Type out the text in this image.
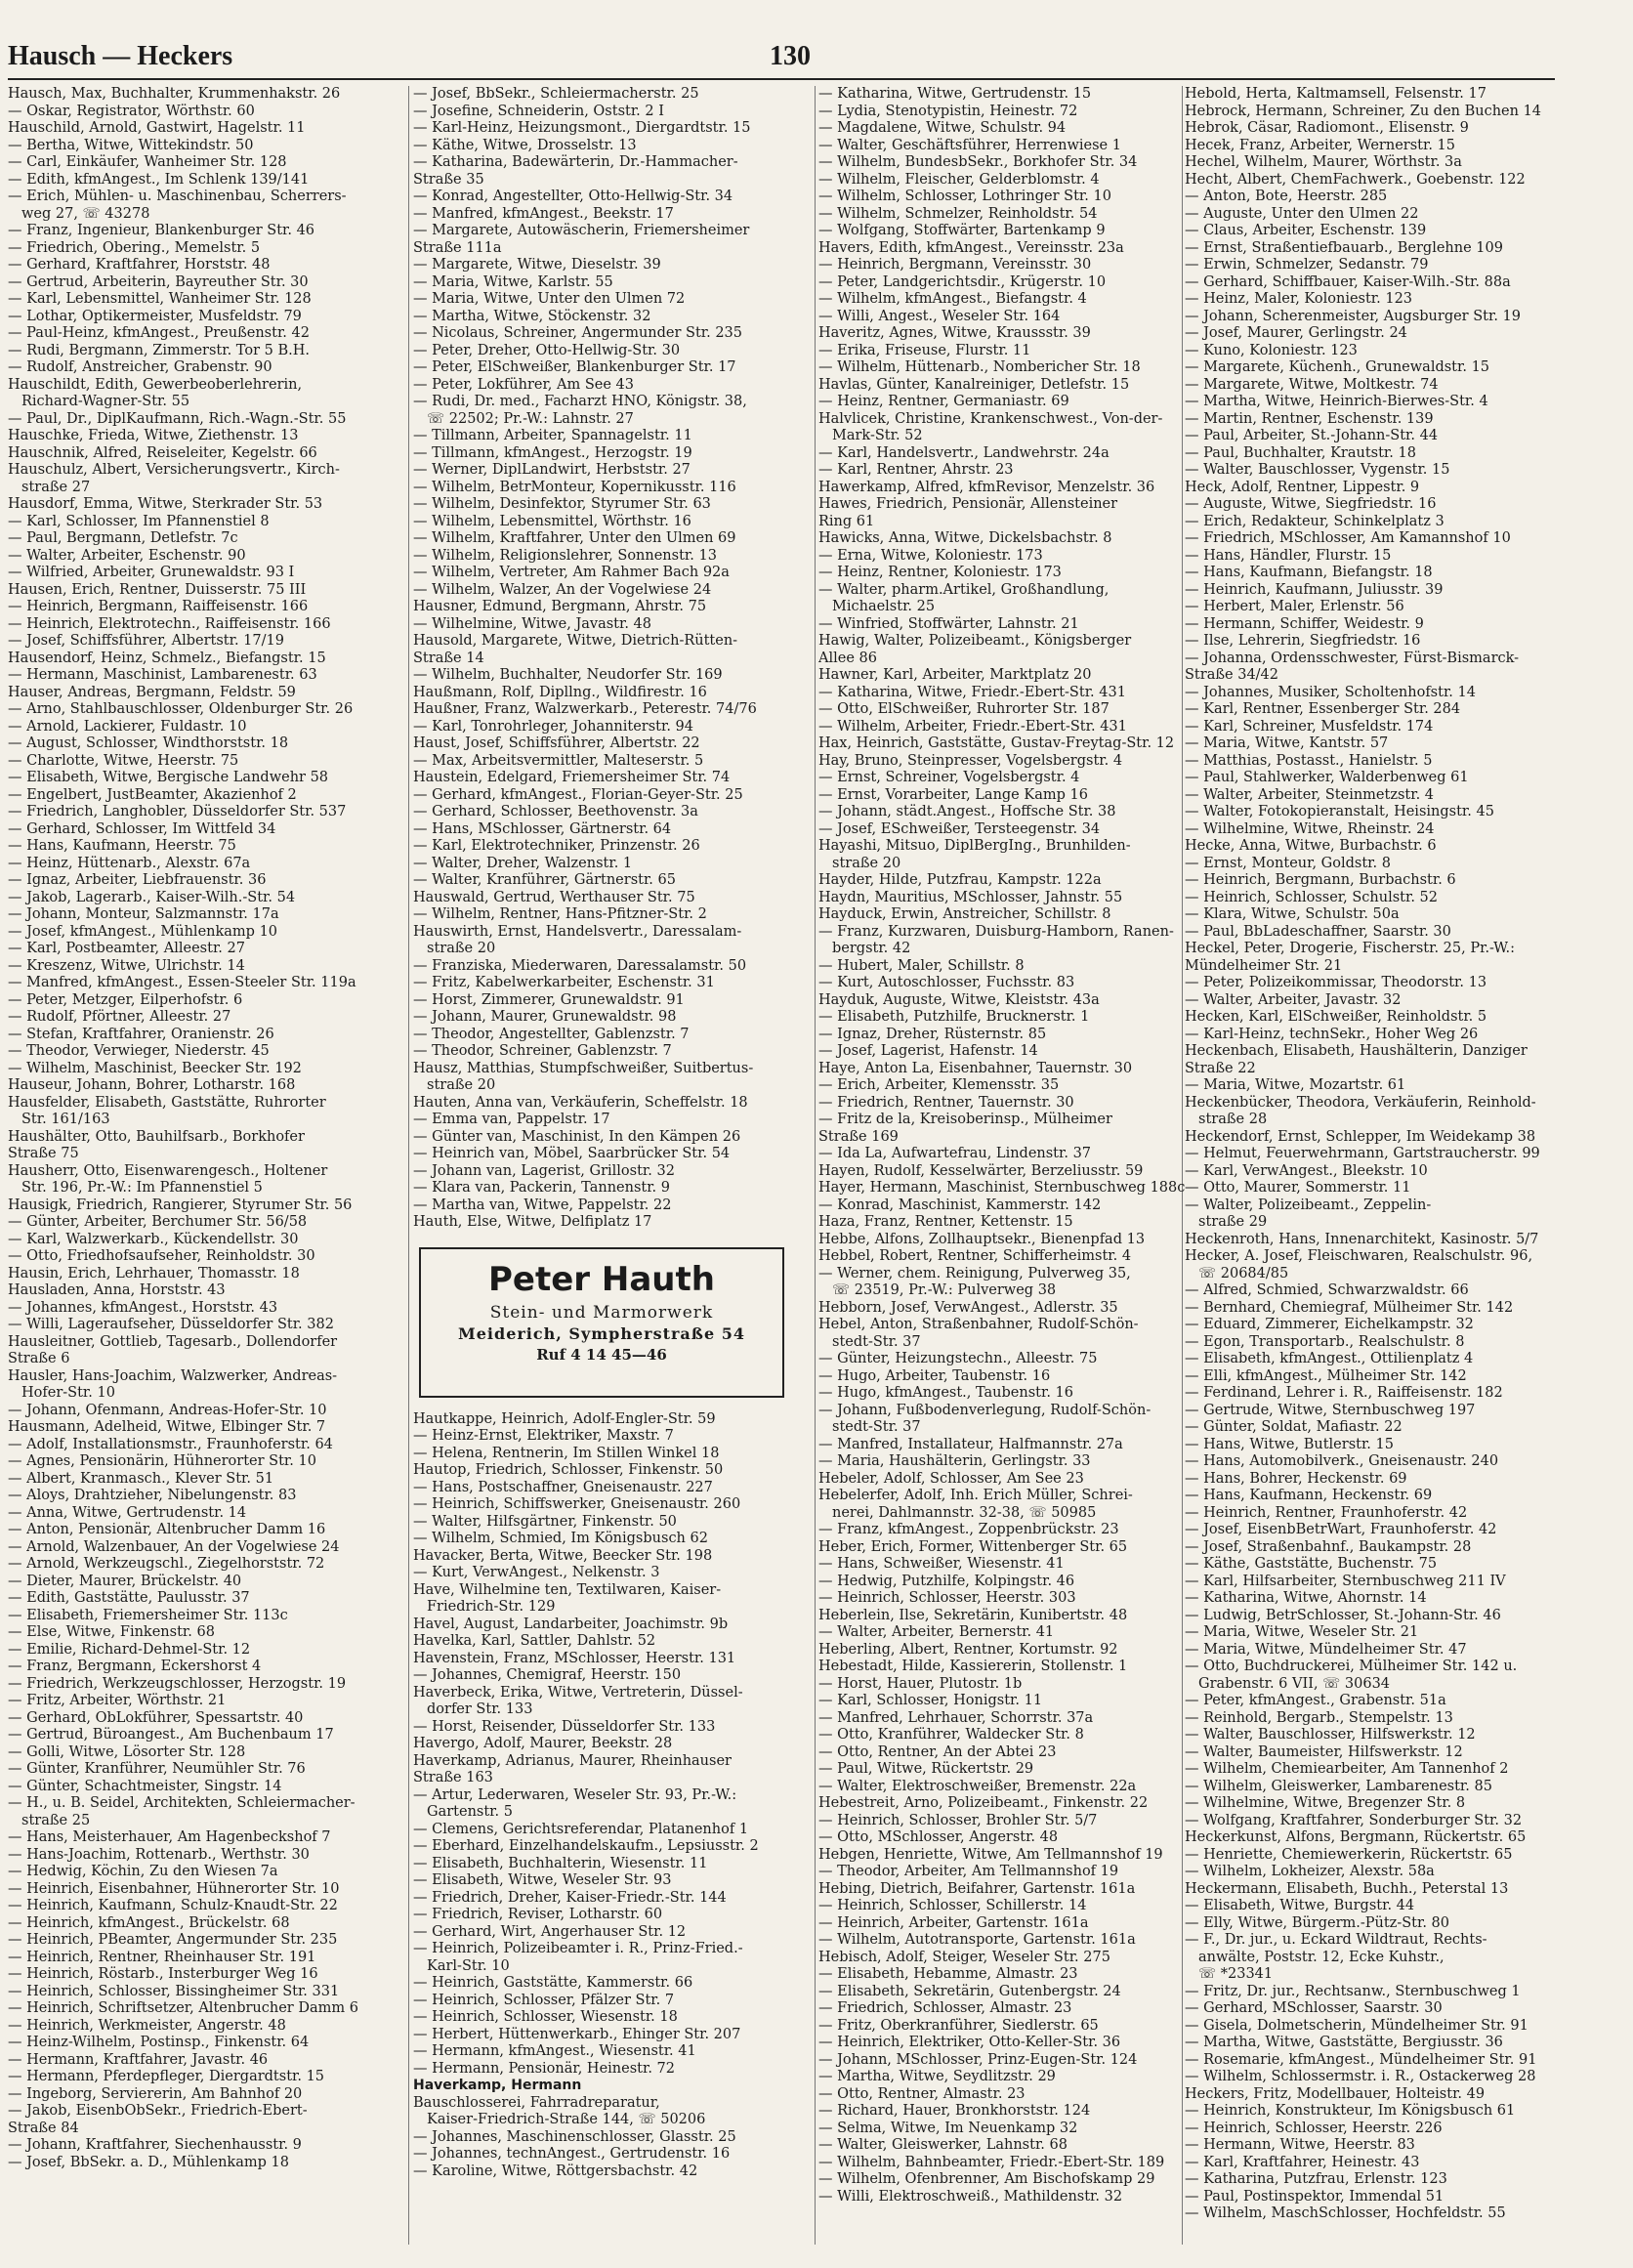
Hausch — Heckers	130
Hausch, Max, Buchhalter, Krummenhakstr. 26
— Oskar, Registrator, Wörthstr. 60
Hauschild, Arnold, Gastwirt, Hagelstr. 11
— Bertha, Witwe, Wittekindstr. 50
— Carl, Einkäufer, Wanheimer Str. 128
— Edith, kfmAngest., Im Schlenk 139/141
— Erich, Mühlen- u. Maschinenbau, Scherrers-
weg 27, ☏ 43278
— Franz, Ingenieur, Blankenburger Str. 46
— Friedrich, Obering., Memelstr. 5
— Gerhard, Kraftfahrer, Horststr. 48
— Gertrud, Arbeiterin, Bayreuther Str. 30
— Karl, Lebensmittel, Wanheimer Str. 128
— Lothar, Optikermeister, Musfeldstr. 79
— Paul-Heinz, kfmAngest., Preußenstr. 42
— Rudi, Bergmann, Zimmerstr. Tor 5 B.H.
— Rudolf, Anstreicher, Grabenstr. 90
Hauschildt, Edith, Gewerbeoberlehrerin,
Richard-Wagner-Str. 55
— Paul, Dr., DiplKaufmann, Rich.-Wagn.-Str. 55
Hauschke, Frieda, Witwe, Ziethenstr. 13
Hauschnik, Alfred, Reiseleiter, Kegelstr. 66
Hauschulz, Albert, Versicherungsvertr., Kirch-
straße 27
Hausdorf, Emma, Witwe, Sterkrader Str. 53
— Karl, Schlosser, Im Pfannenstiel 8
— Paul, Bergmann, Detlefstr. 7c
— Walter, Arbeiter, Eschenstr. 90
— Wilfried, Arbeiter, Grunewaldstr. 93 I
Hausen, Erich, Rentner, Duisserstr. 75 III
— Heinrich, Bergmann, Raiffeisenstr. 166
— Heinrich, Elektrotechn., Raiffeisenstr. 166
— Josef, Schiffsführer, Albertstr. 17/19
Hausendorf, Heinz, Schmelz., Biefangstr. 15
— Hermann, Maschinist, Lambarenestr. 63
Hauser, Andreas, Bergmann, Feldstr. 59
— Arno, Stahlbauschlosser, Oldenburger Str. 26
— Arnold, Lackierer, Fuldastr. 10
— August, Schlosser, Windthorststr. 18
— Charlotte, Witwe, Heerstr. 75
— Elisabeth, Witwe, Bergische Landwehr 58
— Engelbert, JustBeamter, Akazienhof 2
— Friedrich, Langhobler, Düsseldorfer Str. 537
— Gerhard, Schlosser, Im Wittfeld 34
— Hans, Kaufmann, Heerstr. 75
— Heinz, Hüttenarb., Alexstr. 67a
— Ignaz, Arbeiter, Liebfrauenstr. 36
— Jakob, Lagerarb., Kaiser-Wilh.-Str. 54
— Johann, Monteur, Salzmannstr. 17a
— Josef, kfmAngest., Mühlenkamp 10
— Karl, Postbeamter, Alleestr. 27
— Kreszenz, Witwe, Ulrichstr. 14
— Manfred, kfmAngest., Essen-Steeler Str. 119a
— Peter, Metzger, Eilperhofstr. 6
— Rudolf, Pförtner, Alleestr. 27
— Stefan, Kraftfahrer, Oranienstr. 26
— Theodor, Verwieger, Niederstr. 45
— Wilhelm, Maschinist, Beecker Str. 192
Hauseur, Johann, Bohrer, Lotharstr. 168
Hausfelder, Elisabeth, Gaststätte, Ruhrorter
Str. 161/163
Haushälter, Otto, Bauhilfsarb., Borkhofer
Straße 75
Hausherr, Otto, Eisenwarengesch., Holtener
Str. 196, Pr.-W.: Im Pfannenstiel 5
Hausigk, Friedrich, Rangierer, Styrumer Str. 56
— Günter, Arbeiter, Berchumer Str. 56/58
— Karl, Walzwerkarb., Kückendellstr. 30
— Otto, Friedhofsaufseher, Reinholdstr. 30
Hausin, Erich, Lehrhauer, Thomasstr. 18
Hausladen, Anna, Horststr. 43
— Johannes, kfmAngest., Horststr. 43
— Willi, Lageraufseher, Düsseldorfer Str. 382
Hausleitner, Gottlieb, Tagesarb., Dollendorfer
Straße 6
Hausler, Hans-Joachim, Walzwerker, Andreas-
Hofer-Str. 10
— Johann, Ofenmann, Andreas-Hofer-Str. 10
Hausmann, Adelheid, Witwe, Elbinger Str. 7
— Adolf, Installationsmstr., Fraunhoferstr. 64
— Agnes, Pensionärin, Hühnerorter Str. 10
— Albert, Kranmasch., Klever Str. 51
— Aloys, Drahtzieher, Nibelungenstr. 83
— Anna, Witwe, Gertrudenstr. 14
— Anton, Pensionär, Altenbrucher Damm 16
— Arnold, Walzenbauer, An der Vogelwiese 24
— Arnold, Werkzeugschl., Ziegelhorststr. 72
— Dieter, Maurer, Brückelstr. 40
— Edith, Gaststätte, Paulusstr. 37
— Elisabeth, Friemersheimer Str. 113c
— Else, Witwe, Finkenstr. 68
— Emilie, Richard-Dehmel-Str. 12
— Franz, Bergmann, Eckershorst 4
— Friedrich, Werkzeugschlosser, Herzogstr. 19
— Fritz, Arbeiter, Wörthstr. 21
— Gerhard, ObLokführer, Spessartstr. 40
— Gertrud, Büroangest., Am Buchenbaum 17
— Golli, Witwe, Lösorter Str. 128
— Günter, Kranführer, Neumühler Str. 76
— Günter, Schachtmeister, Singstr. 14
— H., u. B. Seidel, Architekten, Schleiermacher-
straße 25
— Hans, Meisterhauer, Am Hagenbeckshof 7
— Hans-Joachim, Rottenarb., Werthstr. 30
— Hedwig, Köchin, Zu den Wiesen 7a
— Heinrich, Eisenbahner, Hühnerorter Str. 10
— Heinrich, Kaufmann, Schulz-Knaudt-Str. 22
— Heinrich, kfmAngest., Brückelstr. 68
— Heinrich, PBeamter, Angermunder Str. 235
— Heinrich, Rentner, Rheinhauser Str. 191
— Heinrich, Röstarb., Insterburger Weg 16
— Heinrich, Schlosser, Bissingheimer Str. 331
— Heinrich, Schriftsetzer, Altenbrucher Damm 6
— Heinrich, Werkmeister, Angerstr. 48
— Heinz-Wilhelm, Postinsp., Finkenstr. 64
— Hermann, Kraftfahrer, Javastr. 46
— Hermann, Pferdepfleger, Diergardtstr. 15
— Ingeborg, Serviererin, Am Bahnhof 20
— Jakob, EisenbObSekr., Friedrich-Ebert-
Straße 84
— Johann, Kraftfahrer, Siechenhausstr. 9
— Josef, BbSekr. a. D., Mühlenkamp 18
— Josef, BbSekr., Schleiermacherstr. 25
— Josefine, Schneiderin, Oststr. 2 I
— Karl-Heinz, Heizungsmont., Diergardtstr. 15
— Käthe, Witwe, Drosselstr. 13
— Katharina, Badewärterin, Dr.-Hammacher-
Straße 35
— Konrad, Angestellter, Otto-Hellwig-Str. 34
— Manfred, kfmAngest., Beekstr. 17
— Margarete, Autowäscherin, Friemersheimer
Straße 111a
— Margarete, Witwe, Dieselstr. 39
— Maria, Witwe, Karlstr. 55
— Maria, Witwe, Unter den Ulmen 72
— Martha, Witwe, Stöckenstr. 32
— Nicolaus, Schreiner, Angermunder Str. 235
— Peter, Dreher, Otto-Hellwig-Str. 30
— Peter, ElSchweißer, Blankenburger Str. 17
— Peter, Lokführer, Am See 43
— Rudi, Dr. med., Facharzt HNO, Königstr. 38,
☏ 22502; Pr.-W.: Lahnstr. 27
— Tillmann, Arbeiter, Spannagelstr. 11
— Tillmann, kfmAngest., Herzogstr. 19
— Werner, DiplLandwirt, Herbststr. 27
— Wilhelm, BetrMonteur, Kopernikusstr. 116
— Wilhelm, Desinfektor, Styrumer Str. 63
— Wilhelm, Lebensmittel, Wörthstr. 16
— Wilhelm, Kraftfahrer, Unter den Ulmen 69
— Wilhelm, Religionslehrer, Sonnenstr. 13
— Wilhelm, Vertreter, Am Rahmer Bach 92a
— Wilhelm, Walzer, An der Vogelwiese 24
Hausner, Edmund, Bergmann, Ahrstr. 75
— Wilhelmine, Witwe, Javastr. 48
Hausold, Margarete, Witwe, Dietrich-Rütten-
Straße 14
— Wilhelm, Buchhalter, Neudorfer Str. 169
Haußmann, Rolf, Dipllng., Wildfirestr. 16
Haußner, Franz, Walzwerkarb., Peterestr. 74/76
— Karl, Tonrohrleger, Johanniterstr. 94
Haust, Josef, Schiffsführer, Albertstr. 22
— Max, Arbeitsvermittler, Malteserstr. 5
Haustein, Edelgard, Friemersheimer Str. 74
— Gerhard, kfmAngest., Florian-Geyer-Str. 25
— Gerhard, Schlosser, Beethovenstr. 3a
— Hans, MSchlosser, Gärtnerstr. 64
— Karl, Elektrotechniker, Prinzenstr. 26
— Walter, Dreher, Walzenstr. 1
— Walter, Kranführer, Gärtnerstr. 65
Hauswald, Gertrud, Werthauser Str. 75
— Wilhelm, Rentner, Hans-Pfitzner-Str. 2
Hauswirth, Ernst, Handelsvertr., Daressalam-
straße 20
— Franziska, Miederwaren, Daressalamstr. 50
— Fritz, Kabelwerkarbeiter, Eschenstr. 31
— Horst, Zimmerer, Grunewaldstr. 91
— Johann, Maurer, Grunewaldstr. 98
— Theodor, Angestellter, Gablenzstr. 7
— Theodor, Schreiner, Gablenzstr. 7
Hausz, Matthias, Stumpfschweißer, Suitbertus-
straße 20
Hauten, Anna van, Verkäuferin, Scheffelstr. 18
— Emma van, Pappelstr. 17
— Günter van, Maschinist, In den Kämpen 26
— Heinrich van, Möbel, Saarbrücker Str. 54
— Johann van, Lagerist, Grillostr. 32
— Klara van, Packerin, Tannenstr. 9
— Martha van, Witwe, Pappelstr. 22
Hauth, Else, Witwe, Delfiplatz 17
Peter Hauth
Stein- und Marmorwerk
Meiderich, Sympherstraße 54
Ruf 4 14 45—46
Hautkappe, Heinrich, Adolf-Engler-Str. 59
— Heinz-Ernst, Elektriker, Maxstr. 7
— Helena, Rentnerin, Im Stillen Winkel 18
Hautop, Friedrich, Schlosser, Finkenstr. 50
— Hans, Postschaffner, Gneisenaustr. 227
— Heinrich, Schiffswerker, Gneisenaustr. 260
— Walter, Hilfsgärtner, Finkenstr. 50
— Wilhelm, Schmied, Im Königsbusch 62
Havacker, Berta, Witwe, Beecker Str. 198
— Kurt, VerwAngest., Nelkenstr. 3
Have, Wilhelmine ten, Textilwaren, Kaiser-
Friedrich-Str. 129
Havel, August, Landarbeiter, Joachimstr. 9b
Havelka, Karl, Sattler, Dahlstr. 52
Havenstein, Franz, MSchlosser, Heerstr. 131
— Johannes, Chemigraf, Heerstr. 150
Haverbeck, Erika, Witwe, Vertreterin, Düssel-
dorfer Str. 133
— Horst, Reisender, Düsseldorfer Str. 133
Havergo, Adolf, Maurer, Beekstr. 28
Haverkamp, Adrianus, Maurer, Rheinhauser
Straße 163
— Artur, Lederwaren, Weseler Str. 93, Pr.-W.:
Gartenstr. 5
— Clemens, Gerichtsreferendar, Platanenhof 1
— Eberhard, Einzelhandelskaufm., Lepsiusstr. 2
— Elisabeth, Buchhalterin, Wiesenstr. 11
— Elisabeth, Witwe, Weseler Str. 93
— Friedrich, Dreher, Kaiser-Friedr.-Str. 144
— Friedrich, Reviser, Lotharstr. 60
— Gerhard, Wirt, Angerhauser Str. 12
— Heinrich, Polizeibeamter i. R., Prinz-Fried.-
Karl-Str. 10
— Heinrich, Gaststätte, Kammerstr. 66
— Heinrich, Schlosser, Pfälzer Str. 7
— Heinrich, Schlosser, Wiesenstr. 18
— Herbert, Hüttenwerkarb., Ehinger Str. 207
— Hermann, kfmAngest., Wiesenstr. 41
— Hermann, Pensionär, Heinestr. 72
Haverkamp, Hermann
Bauschlosserei, Fahrradreparatur,
Kaiser-Friedrich-Straße 144, ☏ 50206
— Johannes, Maschinenschlosser, Glasstr. 25
— Johannes, technAngest., Gertrudenstr. 16
— Karoline, Witwe, Röttgersbachstr. 42
— Katharina, Witwe, Gertrudenstr. 15
— Lydia, Stenotypistin, Heinestr. 72
— Magdalene, Witwe, Schulstr. 94
— Walter, Geschäftsführer, Herrenwiese 1
— Wilhelm, BundesbSekr., Borkhofer Str. 34
— Wilhelm, Fleischer, Gelderblomstr. 4
— Wilhelm, Schlosser, Lothringer Str. 10
— Wilhelm, Schmelzer, Reinholdstr. 54
— Wolfgang, Stoffwärter, Bartenkamp 9
Havers, Edith, kfmAngest., Vereinsstr. 23a
— Heinrich, Bergmann, Vereinsstr. 30
— Peter, Landgerichtsdir., Krügerstr. 10
— Wilhelm, kfmAngest., Biefangstr. 4
— Willi, Angest., Weseler Str. 164
Haveritz, Agnes, Witwe, Kraussstr. 39
— Erika, Friseuse, Flurstr. 11
— Wilhelm, Hüttenarb., Nombericher Str. 18
Havlas, Günter, Kanalreiniger, Detlefstr. 15
— Heinz, Rentner, Germaniastr. 69
Halvlicek, Christine, Krankenschwest., Von-der-
Mark-Str. 52
— Karl, Handelsvertr., Landwehrstr. 24a
— Karl, Rentner, Ahrstr. 23
Hawerkamp, Alfred, kfmRevisor, Menzelstr. 36
Hawes, Friedrich, Pensionär, Allensteiner
Ring 61
Hawicks, Anna, Witwe, Dickelsbachstr. 8
— Erna, Witwe, Koloniestr. 173
— Heinz, Rentner, Koloniestr. 173
— Walter, pharm.Artikel, Großhandlung,
Michaelstr. 25
— Winfried, Stoffwärter, Lahnstr. 21
Hawig, Walter, Polizeibeamt., Königsberger
Allee 86
Hawner, Karl, Arbeiter, Marktplatz 20
— Katharina, Witwe, Friedr.-Ebert-Str. 431
— Otto, ElSchweißer, Ruhrorter Str. 187
— Wilhelm, Arbeiter, Friedr.-Ebert-Str. 431
Hax, Heinrich, Gaststätte, Gustav-Freytag-Str. 12
Hay, Bruno, Steinpresser, Vogelsbergstr. 4
— Ernst, Schreiner, Vogelsbergstr. 4
— Ernst, Vorarbeiter, Lange Kamp 16
— Johann, städt.Angest., Hoffsche Str. 38
— Josef, ESchweißer, Tersteegenstr. 34
Hayashi, Mitsuo, DiplBergIng., Brunhilden-
straße 20
Hayder, Hilde, Putzfrau, Kampstr. 122a
Haydn, Mauritius, MSchlosser, Jahnstr. 55
Hayduck, Erwin, Anstreicher, Schillstr. 8
— Franz, Kurzwaren, Duisburg-Hamborn, Ranen-
bergstr. 42
— Hubert, Maler, Schillstr. 8
— Kurt, Autoschlosser, Fuchsstr. 83
Hayduk, Auguste, Witwe, Kleiststr. 43a
— Elisabeth, Putzhilfe, Brucknerstr. 1
— Ignaz, Dreher, Rüsternstr. 85
— Josef, Lagerist, Hafenstr. 14
Haye, Anton La, Eisenbahner, Tauernstr. 30
— Erich, Arbeiter, Klemensstr. 35
— Friedrich, Rentner, Tauernstr. 30
— Fritz de la, Kreisoberinsp., Mülheimer
Straße 169
— Ida La, Aufwartefrau, Lindenstr. 37
Hayen, Rudolf, Kesselwärter, Berzeliusstr. 59
Hayer, Hermann, Maschinist, Sternbuschweg 188c
— Konrad, Maschinist, Kammerstr. 142
Haza, Franz, Rentner, Kettenstr. 15
Hebbe, Alfons, Zollhauptsekr., Bienenpfad 13
Hebbel, Robert, Rentner, Schifferheimstr. 4
— Werner, chem. Reinigung, Pulverweg 35,
☏ 23519, Pr.-W.: Pulverweg 38
Hebborn, Josef, VerwAngest., Adlerstr. 35
Hebel, Anton, Straßenbahner, Rudolf-Schön-
stedt-Str. 37
— Günter, Heizungstechn., Alleestr. 75
— Hugo, Arbeiter, Taubenstr. 16
— Hugo, kfmAngest., Taubenstr. 16
— Johann, Fußbodenverlegung, Rudolf-Schön-
stedt-Str. 37
— Manfred, Installateur, Halfmannstr. 27a
— Maria, Haushälterin, Gerlingstr. 33
Hebeler, Adolf, Schlosser, Am See 23
Hebelerfer, Adolf, Inh. Erich Müller, Schrei-
nerei, Dahlmannstr. 32-38, ☏ 50985
— Franz, kfmAngest., Zoppenbrückstr. 23
Heber, Erich, Former, Wittenberger Str. 65
— Hans, Schweißer, Wiesenstr. 41
— Hedwig, Putzhilfe, Kolpingstr. 46
— Heinrich, Schlosser, Heerstr. 303
Heberlein, Ilse, Sekretärin, Kunibertstr. 48
— Walter, Arbeiter, Bernerstr. 41
Heberling, Albert, Rentner, Kortumstr. 92
Hebestadt, Hilde, Kassiererin, Stollenstr. 1
— Horst, Hauer, Plutostr. 1b
— Karl, Schlosser, Honigstr. 11
— Manfred, Lehrhauer, Schorrstr. 37a
— Otto, Kranführer, Waldecker Str. 8
— Otto, Rentner, An der Abtei 23
— Paul, Witwe, Rückertstr. 29
— Walter, Elektroschweißer, Bremenstr. 22a
Hebestreit, Arno, Polizeibeamt., Finkenstr. 22
— Heinrich, Schlosser, Brohler Str. 5/7
— Otto, MSchlosser, Angerstr. 48
Hebgen, Henriette, Witwe, Am Tellmannshof 19
— Theodor, Arbeiter, Am Tellmannshof 19
Hebing, Dietrich, Beifahrer, Gartenstr. 161a
— Heinrich, Schlosser, Schillerstr. 14
— Heinrich, Arbeiter, Gartenstr. 161a
— Wilhelm, Autotransporte, Gartenstr. 161a
Hebisch, Adolf, Steiger, Weseler Str. 275
— Elisabeth, Hebamme, Almastr. 23
— Elisabeth, Sekretärin, Gutenbergstr. 24
— Friedrich, Schlosser, Almastr. 23
— Fritz, Oberkranführer, Siedlerstr. 65
— Heinrich, Elektriker, Otto-Keller-Str. 36
— Johann, MSchlosser, Prinz-Eugen-Str. 124
— Martha, Witwe, Seydlitzstr. 29
— Otto, Rentner, Almastr. 23
— Richard, Hauer, Bronkhorststr. 124
— Selma, Witwe, Im Neuenkamp 32
— Walter, Gleiswerker, Lahnstr. 68
— Wilhelm, Bahnbeamter, Friedr.-Ebert-Str. 189
— Wilhelm, Ofenbrenner, Am Bischofskamp 29
— Willi, Elektroschweiß., Mathildenstr. 32
Hebold, Herta, Kaltmamsell, Felsenstr. 17
Hebrock, Hermann, Schreiner, Zu den Buchen 14
Hebrok, Cäsar, Radiomont., Elisenstr. 9
Hecek, Franz, Arbeiter, Wernerstr. 15
Hechel, Wilhelm, Maurer, Wörthstr. 3a
Hecht, Albert, ChemFachwerk., Goebenstr. 122
— Anton, Bote, Heerstr. 285
— Auguste, Unter den Ulmen 22
— Claus, Arbeiter, Eschenstr. 139
— Ernst, Straßentiefbauarb., Berglehne 109
— Erwin, Schmelzer, Sedanstr. 79
— Gerhard, Schiffbauer, Kaiser-Wilh.-Str. 88a
— Heinz, Maler, Koloniestr. 123
— Johann, Scherenmeister, Augsburger Str. 19
— Josef, Maurer, Gerlingstr. 24
— Kuno, Koloniestr. 123
— Margarete, Küchenh., Grunewaldstr. 15
— Margarete, Witwe, Moltkestr. 74
— Martha, Witwe, Heinrich-Bierwes-Str. 4
— Martin, Rentner, Eschenstr. 139
— Paul, Arbeiter, St.-Johann-Str. 44
— Paul, Buchhalter, Krautstr. 18
— Walter, Bauschlosser, Vygenstr. 15
Heck, Adolf, Rentner, Lippestr. 9
— Auguste, Witwe, Siegfriedstr. 16
— Erich, Redakteur, Schinkelplatz 3
— Friedrich, MSchlosser, Am Kamannshof 10
— Hans, Händler, Flurstr. 15
— Hans, Kaufmann, Biefangstr. 18
— Heinrich, Kaufmann, Juliusstr. 39
— Herbert, Maler, Erlenstr. 56
— Hermann, Schiffer, Weidestr. 9
— Ilse, Lehrerin, Siegfriedstr. 16
— Johanna, Ordensschwester, Fürst-Bismarck-
Straße 34/42
— Johannes, Musiker, Scholtenhofstr. 14
— Karl, Rentner, Essenberger Str. 284
— Karl, Schreiner, Musfeldstr. 174
— Maria, Witwe, Kantstr. 57
— Matthias, Postasst., Hanielstr. 5
— Paul, Stahlwerker, Walderbenweg 61
— Walter, Arbeiter, Steinmetzstr. 4
— Walter, Fotokopieranstalt, Heisingstr. 45
— Wilhelmine, Witwe, Rheinstr. 24
Hecke, Anna, Witwe, Burbachstr. 6
— Ernst, Monteur, Goldstr. 8
— Heinrich, Bergmann, Burbachstr. 6
— Heinrich, Schlosser, Schulstr. 52
— Klara, Witwe, Schulstr. 50a
— Paul, BbLadeschaffner, Saarstr. 30
Heckel, Peter, Drogerie, Fischerstr. 25, Pr.-W.:
Mündelheimer Str. 21
— Peter, Polizeikommissar, Theodorstr. 13
— Walter, Arbeiter, Javastr. 32
Hecken, Karl, ElSchweißer, Reinholdstr. 5
— Karl-Heinz, technSekr., Hoher Weg 26
Heckenbach, Elisabeth, Haushälterin, Danziger
Straße 22
— Maria, Witwe, Mozartstr. 61
Heckenbücker, Theodora, Verkäuferin, Reinhold-
straße 28
Heckendorf, Ernst, Schlepper, Im Weidekamp 38
— Helmut, Feuerwehrmann, Gartstraucherstr. 99
— Karl, VerwAngest., Bleekstr. 10
— Otto, Maurer, Sommerstr. 11
— Walter, Polizeibeamt., Zeppelin-
straße 29
Heckenroth, Hans, Innenarchitekt, Kasinostr. 5/7
Hecker, A. Josef, Fleischwaren, Realschulstr. 96,
☏ 20684/85
— Alfred, Schmied, Schwarzwaldstr. 66
— Bernhard, Chemiegraf, Mülheimer Str. 142
— Eduard, Zimmerer, Eichelkampstr. 32
— Egon, Transportarb., Realschulstr. 8
— Elisabeth, kfmAngest., Ottilienplatz 4
— Elli, kfmAngest., Mülheimer Str. 142
— Ferdinand, Lehrer i. R., Raiffeisenstr. 182
— Gertrude, Witwe, Sternbuschweg 197
— Günter, Soldat, Mafiastr. 22
— Hans, Witwe, Butlerstr. 15
— Hans, Automobilverk., Gneisenaustr. 240
— Hans, Bohrer, Heckenstr. 69
— Hans, Kaufmann, Heckenstr. 69
— Heinrich, Rentner, Fraunhoferstr. 42
— Josef, EisenbBetrWart, Fraunhoferstr. 42
— Josef, Straßenbahnf., Baukampstr. 28
— Käthe, Gaststätte, Buchenstr. 75
— Karl, Hilfsarbeiter, Sternbuschweg 211 IV
— Katharina, Witwe, Ahornstr. 14
— Ludwig, BetrSchlosser, St.-Johann-Str. 46
— Maria, Witwe, Weseler Str. 21
— Maria, Witwe, Mündelheimer Str. 47
— Otto, Buchdruckerei, Mülheimer Str. 142 u.
Grabenstr. 6 VII, ☏ 30634
— Peter, kfmAngest., Grabenstr. 51a
— Reinhold, Bergarb., Stempelstr. 13
— Walter, Bauschlosser, Hilfswerkstr. 12
— Walter, Baumeister, Hilfswerkstr. 12
— Wilhelm, Chemiearbeiter, Am Tannenhof 2
— Wilhelm, Gleiswerker, Lambarenestr. 85
— Wilhelmine, Witwe, Bregenzer Str. 8
— Wolfgang, Kraftfahrer, Sonderburger Str. 32
Heckerkunst, Alfons, Bergmann, Rückertstr. 65
— Henriette, Chemiewerkerin, Rückertstr. 65
— Wilhelm, Lokheizer, Alexstr. 58a
Heckermann, Elisabeth, Buchh., Peterstal 13
— Elisabeth, Witwe, Burgstr. 44
— Elly, Witwe, Bürgerm.-Pütz-Str. 80
— F., Dr. jur., u. Eckard Wildtraut, Rechts-
anwälte, Poststr. 12, Ecke Kuhstr.,
☏ *23341
— Fritz, Dr. jur., Rechtsanw., Sternbuschweg 1
— Gerhard, MSchlosser, Saarstr. 30
— Gisela, Dolmetscherin, Mündelheimer Str. 91
— Martha, Witwe, Gaststätte, Bergiusstr. 36
— Rosemarie, kfmAngest., Mündelheimer Str. 91
— Wilhelm, Schlossermstr. i. R., Ostackerweg 28
Heckers, Fritz, Modellbauer, Holteistr. 49
— Heinrich, Konstrukteur, Im Königsbusch 61
— Heinrich, Schlosser, Heerstr. 226
— Hermann, Witwe, Heerstr. 83
— Karl, Kraftfahrer, Heinestr. 43
— Katharina, Putzfrau, Erlenstr. 123
— Paul, Postinspektor, Immendal 51
— Wilhelm, MaschSchlosser, Hochfeldstr. 55
